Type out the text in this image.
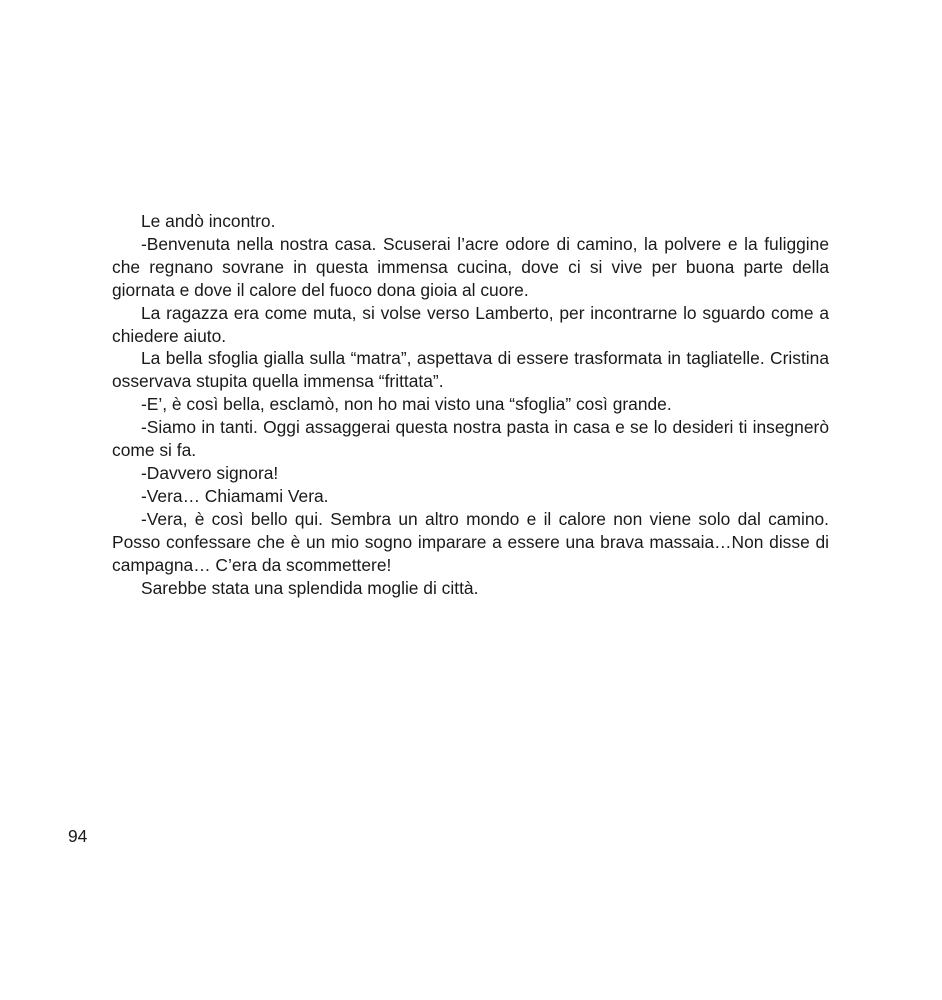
Le andò incontro.

-Benvenuta nella nostra casa. Scuserai l’acre odore di camino, la polvere e la fuliggine che regnano sovrane in questa immensa cucina, dove ci si vive per buona parte della giornata e dove il calore del fuoco dona gioia al cuore.

La ragazza era come muta, si volse verso Lamberto, per incontrarne lo sguardo come a chiedere aiuto.

La bella sfoglia gialla sulla “matra”, aspettava di essere trasformata in tagliatelle. Cristina osservava stupita quella immensa “frittata”.

-E’, è così bella, esclamò, non ho mai visto una “sfoglia” così grande.

-Siamo in tanti. Oggi assaggerai questa nostra pasta in casa e se lo desideri ti insegnerò come si fa.

-Davvero signora!

-Vera… Chiamami Vera.

-Vera, è così bello qui. Sembra un altro mondo e il calore non viene solo dal camino. Posso confessare che è un mio sogno imparare a essere una brava massaia…Non disse di campagna… C’era da scommettere!

Sarebbe stata una splendida moglie di città.

94
